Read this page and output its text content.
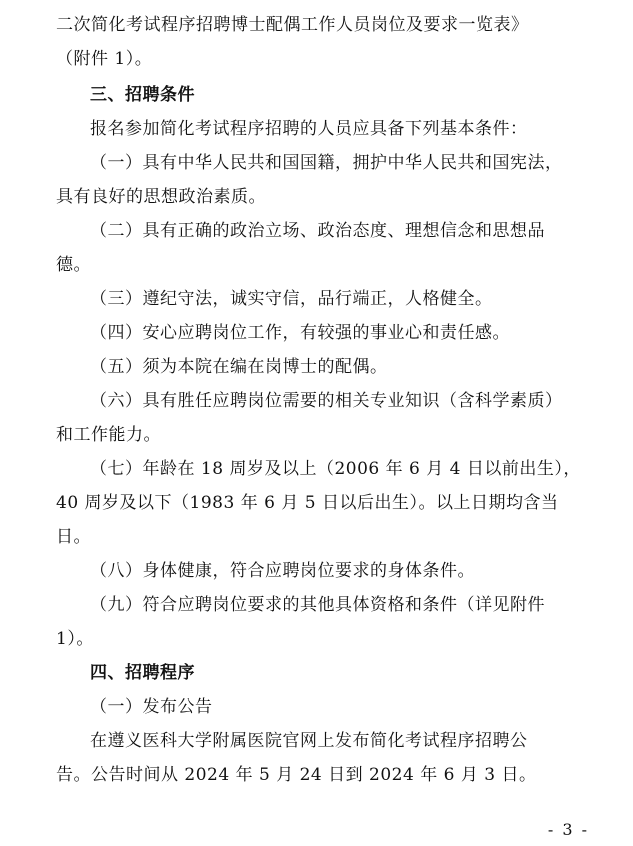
二次简化考试程序招聘博士配偶工作人员岗位及要求一览表》
（附件 1）。
三、招聘条件
报名参加简化考试程序招聘的人员应具备下列基本条件：
（一）具有中华人民共和国国籍，拥护中华人民共和国宪法，
具有良好的思想政治素质。
（二）具有正确的政治立场、政治态度、理想信念和思想品
德。
（三）遵纪守法，诚实守信，品行端正，人格健全。
（四）安心应聘岗位工作，有较强的事业心和责任感。
（五）须为本院在编在岗博士的配偶。
（六）具有胜任应聘岗位需要的相关专业知识（含科学素质）
和工作能力。
（七）年龄在 18 周岁及以上（2006 年 6 月 4 日以前出生），
40 周岁及以下（1983 年 6 月 5 日以后出生）。以上日期均含当
日。
（八）身体健康，符合应聘岗位要求的身体条件。
（九）符合应聘岗位要求的其他具体资格和条件（详见附件
1）。
四、招聘程序
（一）发布公告
在遵义医科大学附属医院官网上发布简化考试程序招聘公
告。公告时间从 2024 年 5 月 24 日到 2024 年 6 月 3 日。
- 3 -
